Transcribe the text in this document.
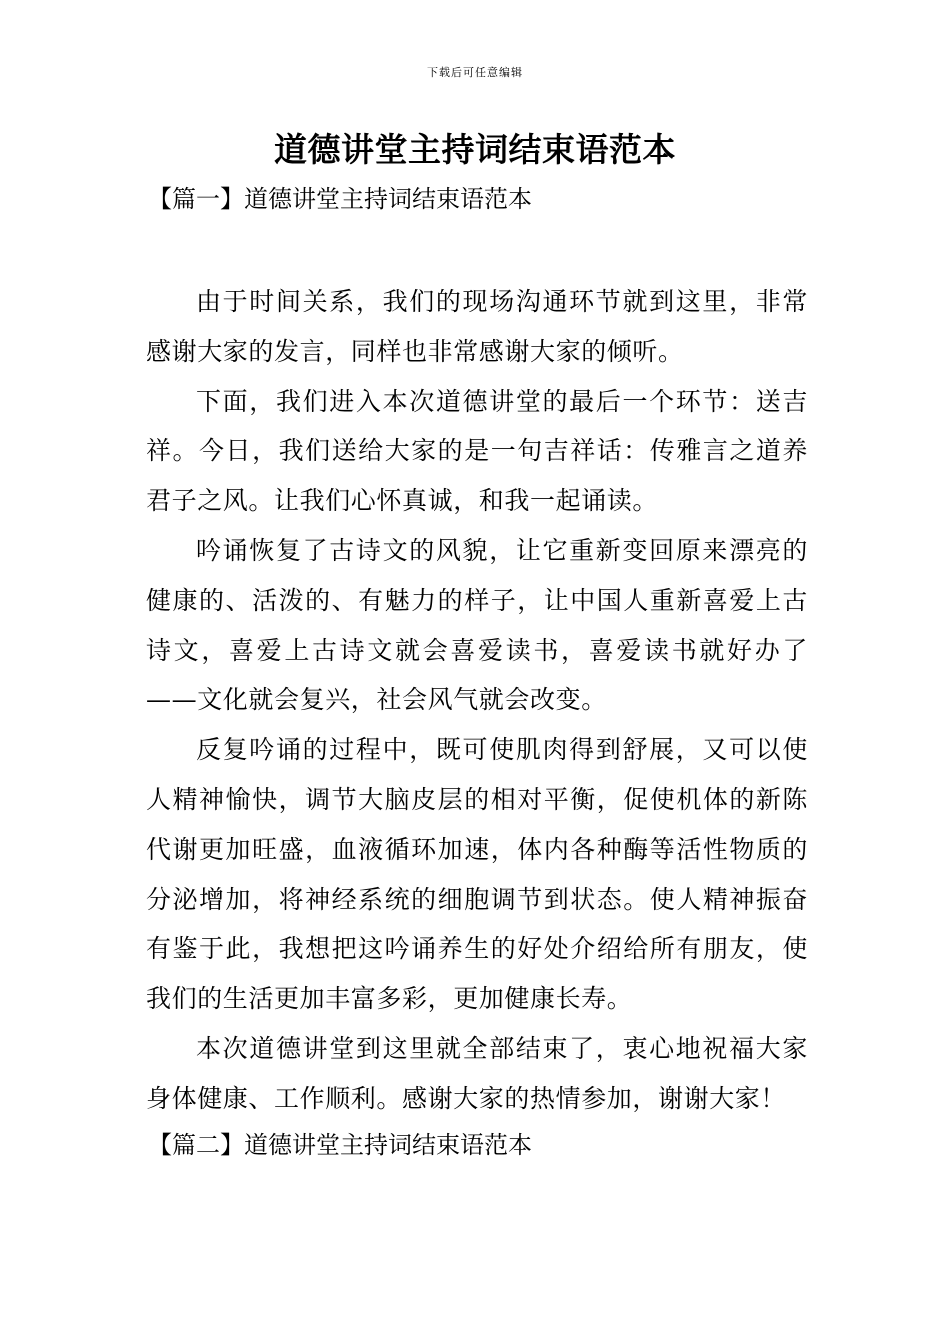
下载后可任意编辑
道德讲堂主持词结束语范本
【篇一】道德讲堂主持词结束语范本

由于时间关系，我们的现场沟通环节就到这里，非常感谢大家的发言，同样也非常感谢大家的倾听。

下面，我们进入本次道德讲堂的最后一个环节：送吉祥。今日，我们送给大家的是一句吉祥话：传雅言之道养君子之风。让我们心怀真诚，和我一起诵读。

吟诵恢复了古诗文的风貌，让它重新变回原来漂亮的健康的、活泼的、有魅力的样子，让中国人重新喜爱上古诗文，喜爱上古诗文就会喜爱读书，喜爱读书就好办了——文化就会复兴，社会风气就会改变。

反复吟诵的过程中，既可使肌肉得到舒展，又可以使人精神愉快，调节大脑皮层的相对平衡，促使机体的新陈代谢更加旺盛，血液循环加速，体内各种酶等活性物质的分泌增加，将神经系统的细胞调节到状态。使人精神振奋有鉴于此，我想把这吟诵养生的好处介绍给所有朋友，使我们的生活更加丰富多彩，更加健康长寿。

本次道德讲堂到这里就全部结束了，衷心地祝福大家身体健康、工作顺利。感谢大家的热情参加，谢谢大家！

【篇二】道德讲堂主持词结束语范本
